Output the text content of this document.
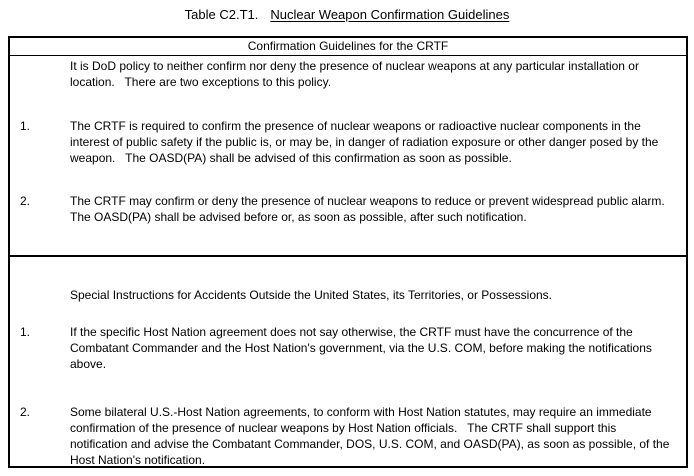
Table C2.T1. Nuclear Weapon Confirmation Guidelines
Confirmation Guidelines for the CRTF
It is DoD policy to neither confirm nor deny the presence of nuclear weapons at any particular installation or location.   There are two exceptions to this policy.
1.	The CRTF is required to confirm the presence of nuclear weapons or radioactive nuclear components in the interest of public safety if the public is, or may be, in danger of radiation exposure or other danger posed by the weapon.   The OASD(PA) shall be advised of this confirmation as soon as possible.
2.	The CRTF may confirm or deny the presence of nuclear weapons to reduce or prevent widespread public alarm.   The OASD(PA) shall be advised before or, as soon as possible, after such notification.
Special Instructions for Accidents Outside the United States, its Territories, or Possessions.
1.	If the specific Host Nation agreement does not say otherwise, the CRTF must have the concurrence of the Combatant Commander and the Host Nation's government, via the U.S. COM, before making the notifications above.
2.	Some bilateral U.S.-Host Nation agreements, to conform with Host Nation statutes, may require an immediate confirmation of the presence of nuclear weapons by Host Nation officials.   The CRTF shall support this notification and advise the Combatant Commander, DOS, U.S. COM, and OASD(PA), as soon as possible, of the Host Nation's notification.
